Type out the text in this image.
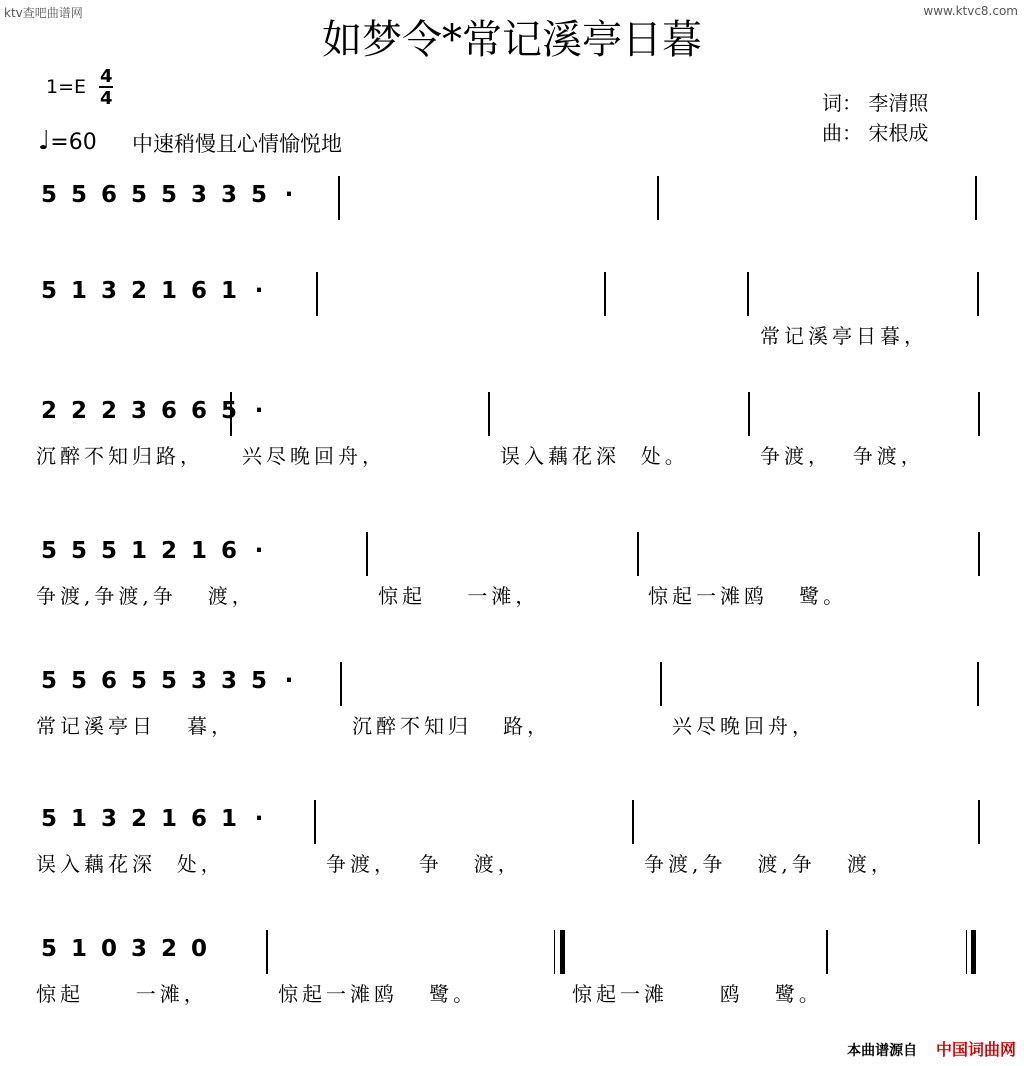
ktv查吧曲谱网	www.ktvc8.com
如梦令*常记溪亭日暮
1=E 4
4
♩=60 中速稍慢且心情愉悦地
词： 李清照
曲： 宋根成
5 5 6 5 5 3 3 5 ·
5 1 3 2 1 6 1 ·
常记溪亭日暮，
2 2 2 3 6 6 5 ·
沉醉不知归路， 兴尽晚回舟，	误入藕花深  处。	争渡，  争渡，
5 5 5 1 2 1 6 ·
争渡,争渡,争   渡，	惊起    一滩，	惊起一滩鸥   鹭。
5 5 6 5 5 3 3 5 ·
常记溪亭日   暮，	沉醉不知归   路，	兴尽晚回舟，
5 1 3 2 1 6 1 ·
误入藕花深  处，	争渡，  争   渡，	争渡,争   渡,争   渡，
5 1 0 3 2 0
惊起     一滩，	惊起一滩鸥   鹭。	惊起一滩     鸥   鹭。
本曲谱源自 中国词曲网
